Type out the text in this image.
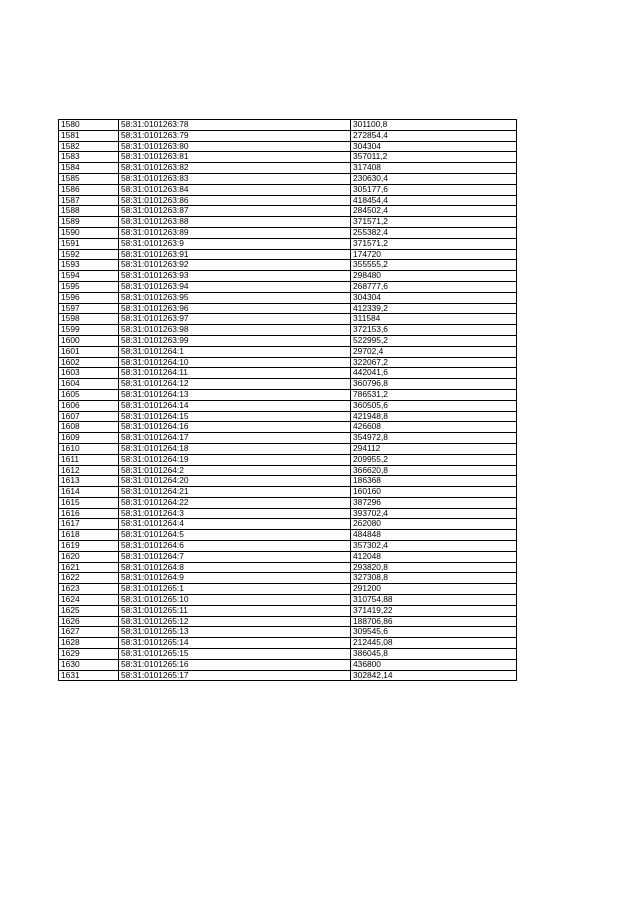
1580	58:31:0101263:78	301100,8
1581	58:31:0101263:79	272854,4
1582	58:31:0101263:80	304304
1583	58:31:0101263:81	357011,2
1584	58:31:0101263:82	317408
1585	58:31:0101263:83	230630,4
1586	58:31:0101263:84	305177,6
1587	58:31:0101263:86	418454,4
1588	58:31:0101263:87	284502,4
1589	58:31:0101263:88	371571,2
1590	58:31:0101263:89	255382,4
1591	58:31:0101263:9	371571,2
1592	58:31:0101263:91	174720
1593	58:31:0101263:92	355555,2
1594	58:31:0101263:93	298480
1595	58:31:0101263:94	268777,6
1596	58:31:0101263:95	304304
1597	58:31:0101263:96	412339,2
1598	58:31:0101263:97	311584
1599	58:31:0101263:98	372153,6
1600	58:31:0101263:99	522995,2
1601	58:31:0101264:1	29702,4
1602	58:31:0101264:10	322067,2
1603	58:31:0101264:11	442041,6
1604	58:31:0101264:12	360796,8
1605	58:31:0101264:13	786531,2
1606	58:31:0101264:14	360505,6
1607	58:31:0101264:15	421948,8
1608	58:31:0101264:16	426608
1609	58:31:0101264:17	354972,8
1610	58:31:0101264:18	294112
1611	58:31:0101264:19	209955,2
1612	58:31:0101264:2	366620,8
1613	58:31:0101264:20	186368
1614	58:31:0101264:21	160160
1615	58:31:0101264:22	387296
1616	58:31:0101264:3	393702,4
1617	58:31:0101264:4	262080
1618	58:31:0101264:5	484848
1619	58:31:0101264:6	357302,4
1620	58:31:0101264:7	412048
1621	58:31:0101264:8	293820,8
1622	58:31:0101264:9	327308,8
1623	58:31:0101265:1	291200
1624	58:31:0101265:10	310754,88
1625	58:31:0101265:11	371419,22
1626	58:31:0101265:12	188706,86
1627	58:31:0101265:13	309545,6
1628	58:31:0101265:14	212445,08
1629	58:31:0101265:15	386045,8
1630	58:31:0101265:16	436800
1631	58:31:0101265:17	302842,14
